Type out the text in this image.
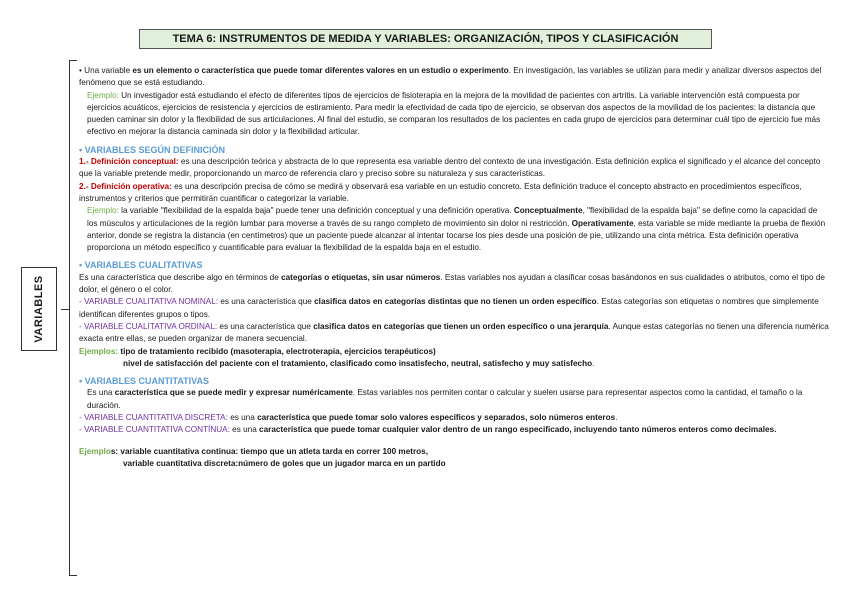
TEMA 6: INSTRUMENTOS DE MEDIDA Y VARIABLES: ORGANIZACIÓN, TIPOS Y CLASIFICACIÓN
VARIABLES

• Una variable es un elemento o característica que puede tomar diferentes valores en un estudio o experimento. En investigación, las variables se utilizan para medir y analizar diversos aspectos del fenómeno que se está estudiando.

Ejemplo: Un investigador está estudiando el efecto de diferentes tipos de ejercicios de fisioterapia en la mejora de la movilidad de pacientes con artritis. La variable intervención está compuesta por ejercicios acuáticos, ejercicios de resistencia y ejercicios de estiramiento. Para medir la efectividad de cada tipo de ejercicio, se observan dos aspectos de la movilidad de los pacientes: la distancia que pueden caminar sin dolor y la flexibilidad de sus articulaciones. Al final del estudio, se comparan los resultados de los pacientes en cada grupo de ejercicios para determinar cuál tipo de ejercicio fue más efectivo en mejorar la distancia caminada sin dolor y la flexibilidad articular.

• VARIABLES SEGÚN DEFINICIÓN

1.- Definición conceptual: es una descripción teórica y abstracta de lo que representa esa variable dentro del contexto de una investigación. Esta definición explica el significado y el alcance del concepto que la variable pretende medir, proporcionando un marco de referencia claro y preciso sobre su naturaleza y sus características.

2.- Definición operativa: es una descripción precisa de cómo se medirá y observará esa variable en un estudio concreto. Esta definición traduce el concepto abstracto en procedimientos específicos, instrumentos y criterios que permitirán cuantificar o categorizar la variable.

Ejemplo: la variable "flexibilidad de la espalda baja" puede tener una definición conceptual y una definición operativa. Conceptualmente, "flexibilidad de la espalda baja" se define como la capacidad de los músculos y articulaciones de la región lumbar para moverse a través de su rango completo de movimiento sin dolor ni restricción. Operativamente, esta variable se mide mediante la prueba de flexión anterior, donde se registra la distancia (en centímetros) que un paciente puede alcanzar al intentar tocarse los pies desde una posición de pie, utilizando una cinta métrica. Esta definición operativa proporciona un método específico y cuantificable para evaluar la flexibilidad de la espalda baja en el estudio.

• VARIABLES CUALITATIVAS

Es una característica que describe algo en términos de categorías o etiquetas, sin usar números. Estas variables nos ayudan a clasificar cosas basándonos en sus cualidades o atributos, como el tipo de dolor, el género o el color.

- VARIABLE CUALITATIVA NOMINAL: es una característica que clasifica datos en categorías distintas que no tienen un orden específico. Estas categorías son etiquetas o nombres que simplemente identifican diferentes grupos o tipos.

- VARIABLE CUALITATIVA ORDINAL: es una característica que clasifica datos en categorías que tienen un orden específico o una jerarquía. Aunque estas categorías no tienen una diferencia numérica exacta entre ellas, se pueden organizar de manera secuencial.

Ejemplos: tipo de tratamiento recibido (masoterapia, electroterapia, ejercicios terapéuticos)

nivel de satisfacción del paciente con el tratamiento, clasificado como insatisfecho, neutral, satisfecho y muy satisfecho.

• VARIABLES CUANTITATIVAS

Es una característica que se puede medir y expresar numéricamente. Estas variables nos permiten contar o calcular y suelen usarse para representar aspectos como la cantidad, el tamaño o la duración.

- VARIABLE CUANTITATIVA DISCRETA: es una característica que puede tomar solo valores específicos y separados, solo números enteros.

- VARIABLE CUANTITATIVA CONTÍNUA: es una característica que puede tomar cualquier valor dentro de un rango especificado, incluyendo tanto números enteros como decimales.

Ejemplos: variable cuantitativa continua: tiempo que un atleta tarda en correr 100 metros,

variable cuantitativa discreta:número de goles que un jugador marca en un partido
